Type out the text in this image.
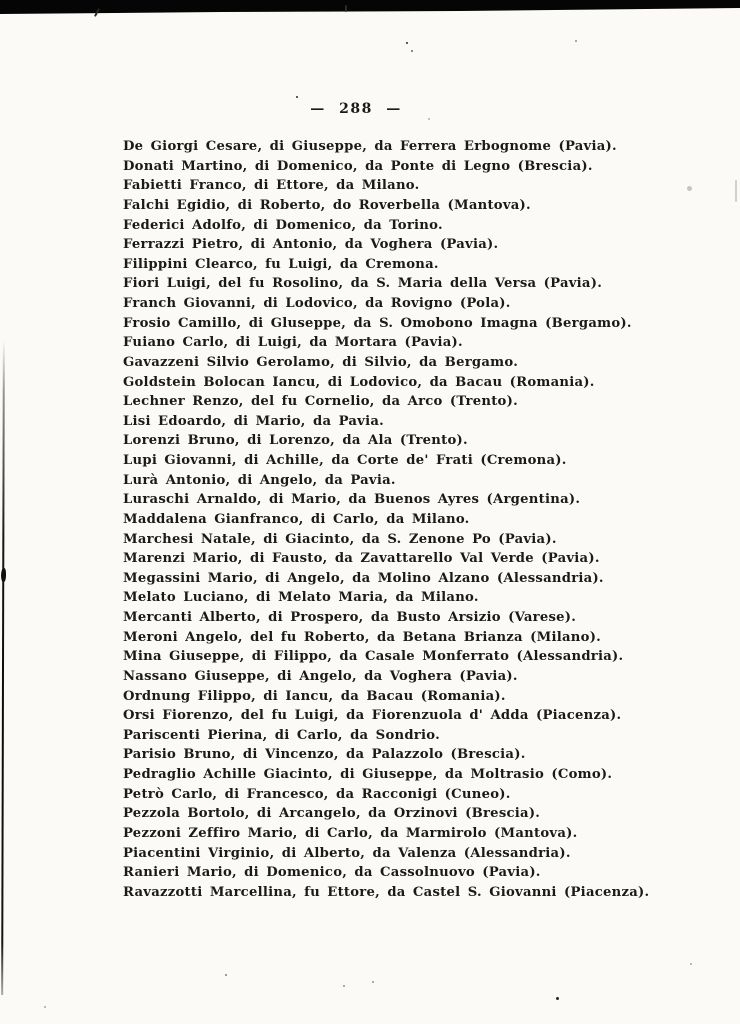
— 288 —
De Giorgi Cesare, di Giuseppe, da Ferrera Erbognome (Pavia).
Donati Martino, di Domenico, da Ponte di Legno (Brescia).
Fabietti Franco, di Ettore, da Milano.
Falchi Egidio, di Roberto, do Roverbella (Mantova).
Federici Adolfo, di Domenico, da Torino.
Ferrazzi Pietro, di Antonio, da Voghera (Pavia).
Filippini Clearco, fu Luigi, da Cremona.
Fiori Luigi, del fu Rosolino, da S. Maria della Versa (Pavia).
Franch Giovanni, di Lodovico, da Rovigno (Pola).
Frosio Camillo, di Gluseppe, da S. Omobono Imagna (Bergamo).
Fuiano Carlo, di Luigi, da Mortara (Pavia).
Gavazzeni Silvio Gerolamo, di Silvio, da Bergamo.
Goldstein Bolocan Iancu, di Lodovico, da Bacau (Romania).
Lechner Renzo, del fu Cornelio, da Arco (Trento).
Lisi Edoardo, di Mario, da Pavia.
Lorenzi Bruno, di Lorenzo, da Ala (Trento).
Lupi Giovanni, di Achille, da Corte de' Frati (Cremona).
Lurà Antonio, di Angelo, da Pavia.
Luraschi Arnaldo, di Mario, da Buenos Ayres (Argentina).
Maddalena Gianfranco, di Carlo, da Milano.
Marchesi Natale, di Giacinto, da S. Zenone Po (Pavia).
Marenzi Mario, di Fausto, da Zavattarello Val Verde (Pavia).
Megassini Mario, di Angelo, da Molino Alzano (Alessandria).
Melato Luciano, di Melato Maria, da Milano.
Mercanti Alberto, di Prospero, da Busto Arsizio (Varese).
Meroni Angelo, del fu Roberto, da Betana Brianza (Milano).
Mina Giuseppe, di Filippo, da Casale Monferrato (Alessandria).
Nassano Giuseppe, di Angelo, da Voghera (Pavia).
Ordnung Filippo, di Iancu, da Bacau (Romania).
Orsi Fiorenzo, del fu Luigi, da Fiorenzuola d' Adda (Piacenza).
Pariscenti Pierina, di Carlo, da Sondrio.
Parisio Bruno, di Vincenzo, da Palazzolo (Brescia).
Pedraglio Achille Giacinto, di Giuseppe, da Moltrasio (Como).
Petrò Carlo, di Francesco, da Racconigi (Cuneo).
Pezzola Bortolo, di Arcangelo, da Orzinovi (Brescia).
Pezzoni Zeffiro Mario, di Carlo, da Marmirolo (Mantova).
Piacentini Virginio, di Alberto, da Valenza (Alessandria).
Ranieri Mario, di Domenico, da Cassolnuovo (Pavia).
Ravazzotti Marcellina, fu Ettore, da Castel S. Giovanni (Piacenza).
